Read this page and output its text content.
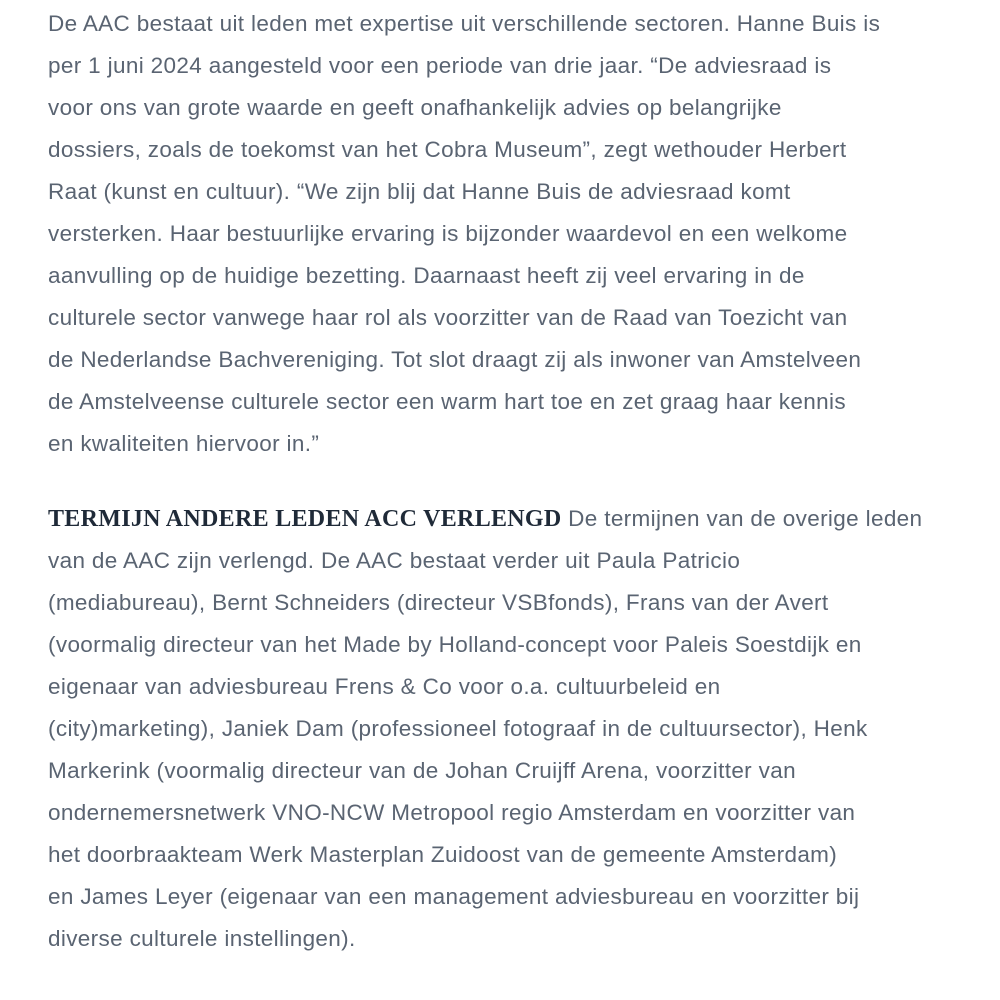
De AAC bestaat uit leden met expertise uit verschillende sectoren. Hanne Buis is
per 1 juni 2024 aangesteld voor een periode van drie jaar. “De adviesraad is
voor ons van grote waarde en geeft onafhankelijk advies op belangrijke
dossiers, zoals de toekomst van het Cobra Museum”, zegt wethouder Herbert
Raat (kunst en cultuur). “We zijn blij dat Hanne Buis de adviesraad komt
versterken. Haar bestuurlijke ervaring is bijzonder waardevol en een welkome
aanvulling op de huidige bezetting. Daarnaast heeft zij veel ervaring in de
culturele sector vanwege haar rol als voorzitter van de Raad van Toezicht van
de Nederlandse Bachvereniging. Tot slot draagt zij als inwoner van Amstelveen
de Amstelveense culturele sector een warm hart toe en zet graag haar kennis
en kwaliteiten hiervoor in.”
TERMIJN ANDERE LEDEN ACC VERLENGD De termijnen van de overige leden
van de AAC zijn verlengd. De AAC bestaat verder uit Paula Patricio
(mediabureau), Bernt Schneiders (directeur VSBfonds), Frans van der Avert
(voormalig directeur van het Made by Holland-concept voor Paleis Soestdijk en
eigenaar van adviesbureau Frens & Co voor o.a. cultuurbeleid en
(city)marketing), Janiek Dam (professioneel fotograaf in de cultuursector), Henk
Markerink (voormalig directeur van de Johan Cruijff Arena, voorzitter van
ondernemersnetwerk VNO-NCW Metropool regio Amsterdam en voorzitter van
het doorbraakteam Werk Masterplan Zuidoost van de gemeente Amsterdam)
en James Leyer (eigenaar van een management adviesbureau en voorzitter bij
diverse culturele instellingen).
